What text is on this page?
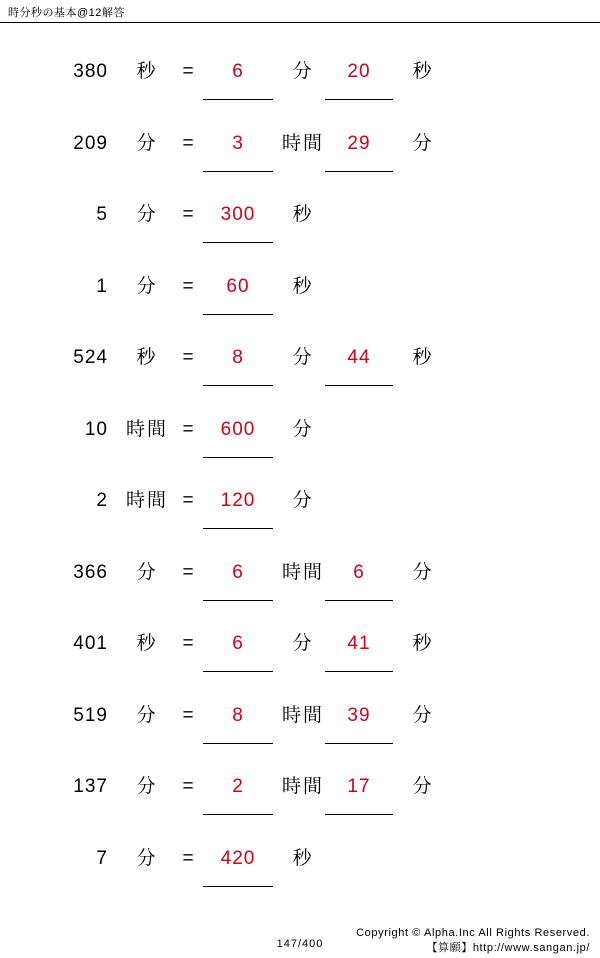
時分秒の基本@12解答
380	秒	=	6	分	20	秒
209	分	=	3	時間	29	分
5	分	=	300	秒
1	分	=	60	秒
524	秒	=	8	分	44	秒
10 時間 =	600	分
2 時間 =	120	分
366	分	=	6	時間	6	分
401	秒	=	6	分	41	秒
519	分	=	8	時間	39	分
137	分	=	2	時間	17	分
7	分	=	420	秒
147/400
Copyright © Alpha.Inc All Rights Reserved.
【算願】http://www.sangan.jp/
